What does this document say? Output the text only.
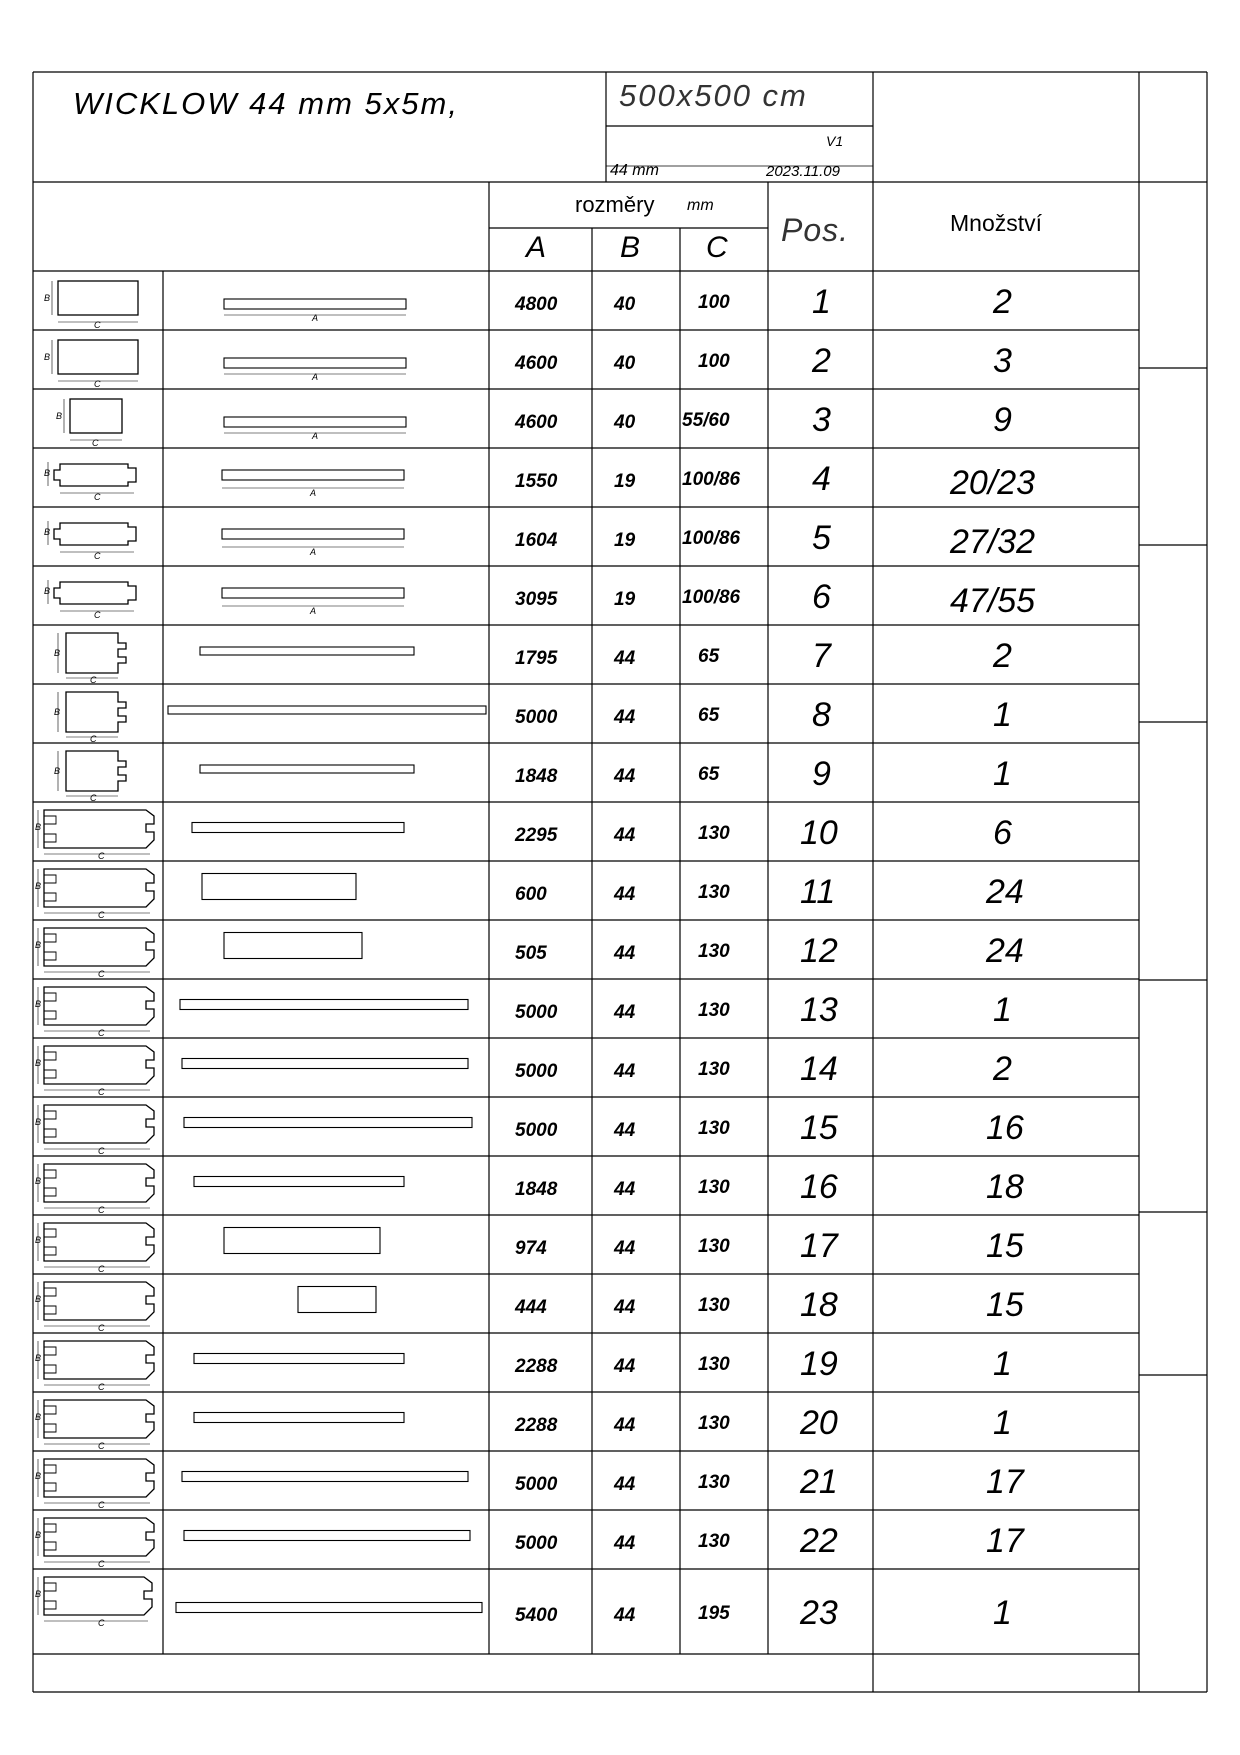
B
C
A
B
C
A
B
C
A
B
C	A
B
C	A
B
C	A
B
C
B
C
B
C
B
C
B
C
B
C
B
C
B
C
B
C
B
C
B
C
B
C
B
C
B
C
B
C
B
C
B
C
WICKLOW 44 mm 5x5m,	500x500 cm
V1
44 mm	2023.11.09
rozměry mm
A B C Pos.	Množství
4800	40	100 1	2
4600	40	100 2	3
4600	40 55/60 3	9
1550	19 100/86 4	20/23
1604	19 100/86 5	27/32
3095	19 100/86 6	47/55
1795	44	65	7	2
5000	44	65	8	1
1848	44	65	9	1
2295	44	130 10	6
600	44	130 11	24
505	44	130 12	24
5000	44	130 13	1
5000	44	130 14	2
5000	44	130 15	16
1848	44	130 16	18
974	44	130 17	15
444	44	130 18	15
2288	44	130 19	1
2288	44	130 20	1
5000	44	130 21	17
5000	44	130 22	17
5400	44	195 23	1
